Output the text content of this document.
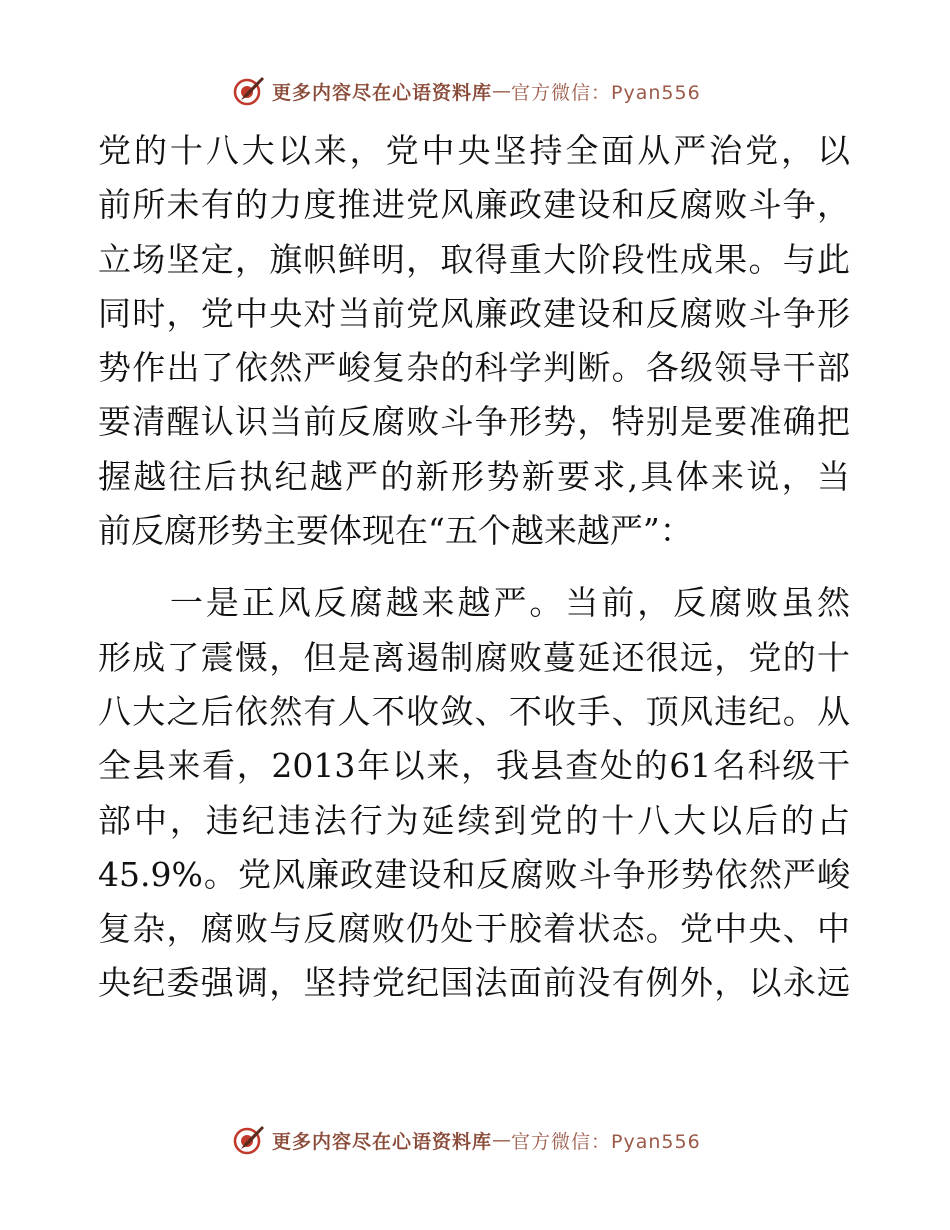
更多内容尽在心语资料库 — 官方微信：Pyan556
党的十八大以来，党中央坚持全面从严治党，以
前所未有的力度推进党风廉政建设和反腐败斗争，
立场坚定，旗帜鲜明，取得重大阶段性成果。与此
同时，党中央对当前党风廉政建设和反腐败斗争形
势作出了依然严峻复杂的科学判断。各级领导干部
要清醒认识当前反腐败斗争形势，特别是要准确把
握越往后执纪越严的新形势新要求,具体来说，当
前反腐形势主要体现在“五个越来越严”：
　　一是正风反腐越来越严。当前，反腐败虽然
形成了震慑，但是离遏制腐败蔓延还很远，党的十
八大之后依然有人不收敛、不收手、顶风违纪。从
全县来看，2013年以来，我县查处的61名科级干
部中，违纪违法行为延续到党的十八大以后的占
45.9%。党风廉政建设和反腐败斗争形势依然严峻
复杂，腐败与反腐败仍处于胶着状态。党中央、中
央纪委强调，坚持党纪国法面前没有例外，以永远
更多内容尽在心语资料库 — 官方微信：Pyan556
